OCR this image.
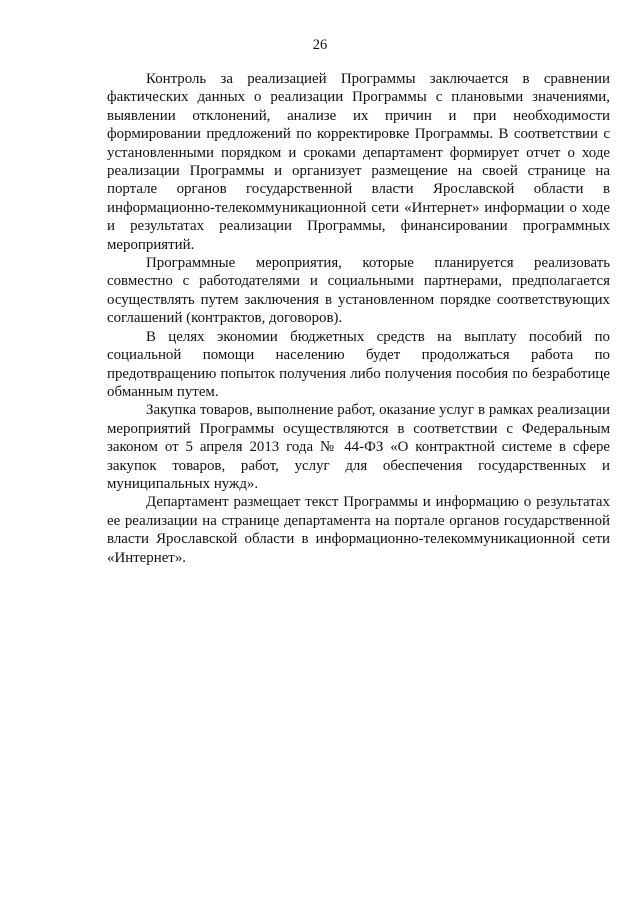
26

Контроль за реализацией Программы заключается в сравнении фактических данных о реализации Программы с плановыми значениями, выявлении отклонений, анализе их причин и при необходимости формировании предложений по корректировке Программы. В соответствии с установленными порядком и сроками департамент формирует отчет о ходе реализации Программы и организует размещение на своей странице на портале органов государственной власти Ярославской области в информационно-телекоммуникационной сети «Интернет» информации о ходе и результатах реализации Программы, финансировании программных мероприятий.

Программные мероприятия, которые планируется реализовать совместно с работодателями и социальными партнерами, предполагается осуществлять путем заключения в установленном порядке соответствующих соглашений (контрактов, договоров).

В целях экономии бюджетных средств на выплату пособий по социальной помощи населению будет продолжаться работа по предотвращению попыток получения либо получения пособия по безработице обманным путем.

Закупка товаров, выполнение работ, оказание услуг в рамках реализации мероприятий Программы осуществляются в соответствии с Федеральным законом от 5 апреля 2013 года № 44-ФЗ «О контрактной системе в сфере закупок товаров, работ, услуг для обеспечения государственных и муниципальных нужд».

Департамент размещает текст Программы и информацию о результатах ее реализации на странице департамента на портале органов государственной власти Ярославской области в информационно-телекоммуникационной сети «Интернет».
